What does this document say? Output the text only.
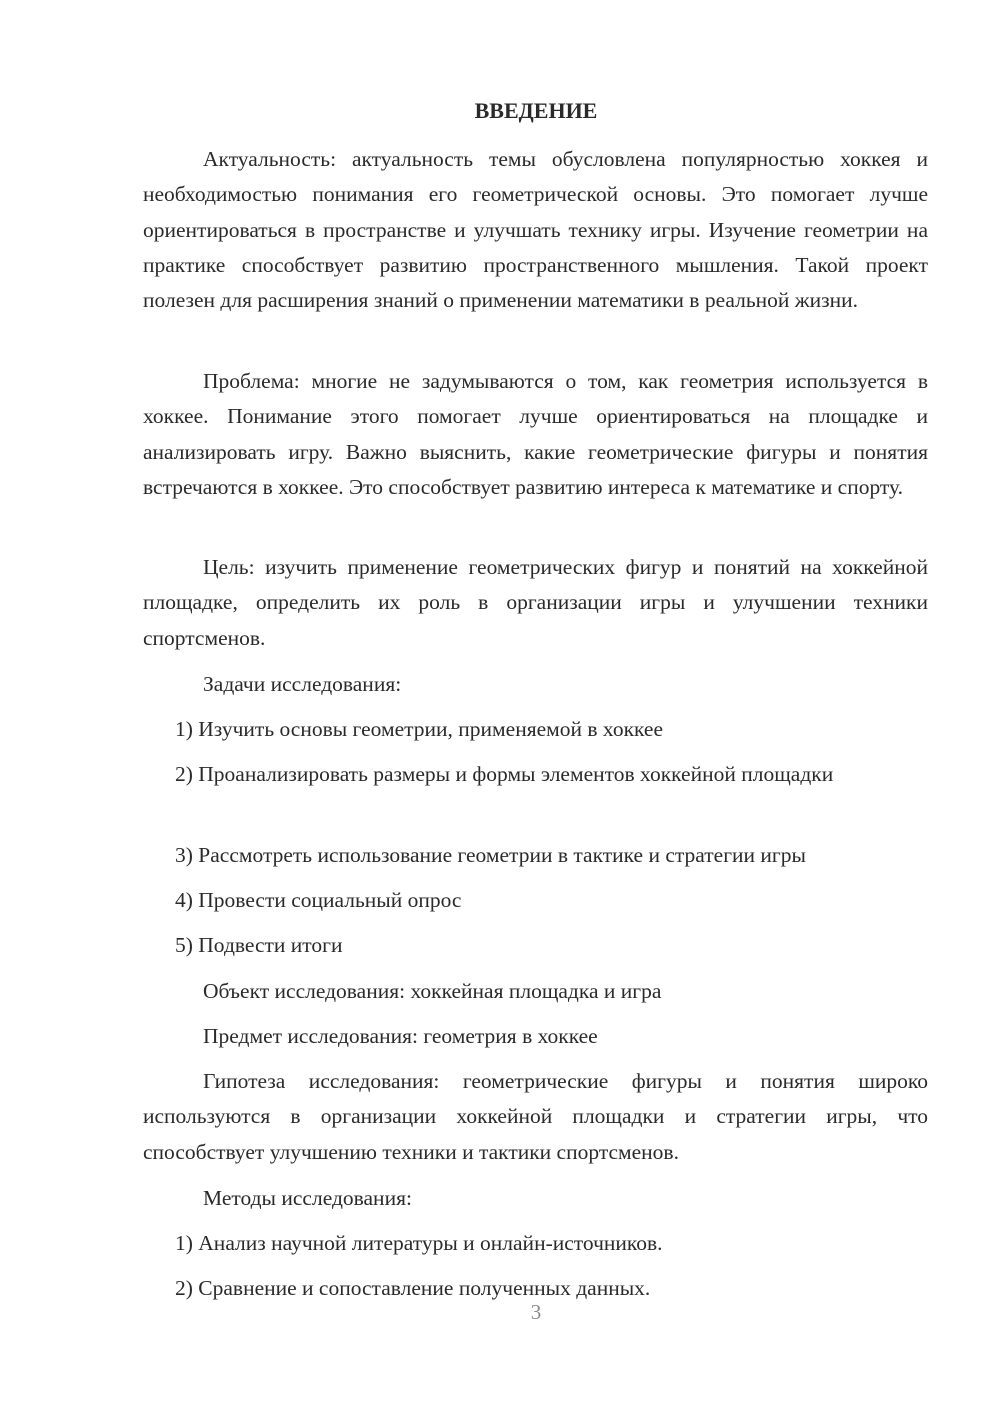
ВВЕДЕНИЕ

Актуальность: актуальность темы обусловлена популярностью хоккея и необходимостью понимания его геометрической основы. Это помогает лучше ориентироваться в пространстве и улучшать технику игры. Изучение геометрии на практике способствует развитию пространственного мышления. Такой проект полезен для расширения знаний о применении математики в реальной жизни.

Проблема: многие не задумываются о том, как геометрия используется в хоккее. Понимание этого помогает лучше ориентироваться на площадке и анализировать игру. Важно выяснить, какие геометрические фигуры и понятия встречаются в хоккее. Это способствует развитию интереса к математике и спорту.

Цель: изучить применение геометрических фигур и понятий на хоккейной площадке, определить их роль в организации игры и улучшении техники спортсменов.

Задачи исследования:

1) Изучить основы геометрии, применяемой в хоккее

2) Проанализировать размеры и формы элементов хоккейной площадки

3) Рассмотреть использование геометрии в тактике и стратегии игры

4) Провести социальный опрос

5) Подвести итоги

Объект исследования: хоккейная площадка и игра

Предмет исследования: геометрия в хоккее

Гипотеза исследования: геометрические фигуры и понятия широко используются в организации хоккейной площадки и стратегии игры, что способствует улучшению техники и тактики спортсменов.

Методы исследования:

1) Анализ научной литературы и онлайн-источников.

2) Сравнение и сопоставление полученных данных.

3
